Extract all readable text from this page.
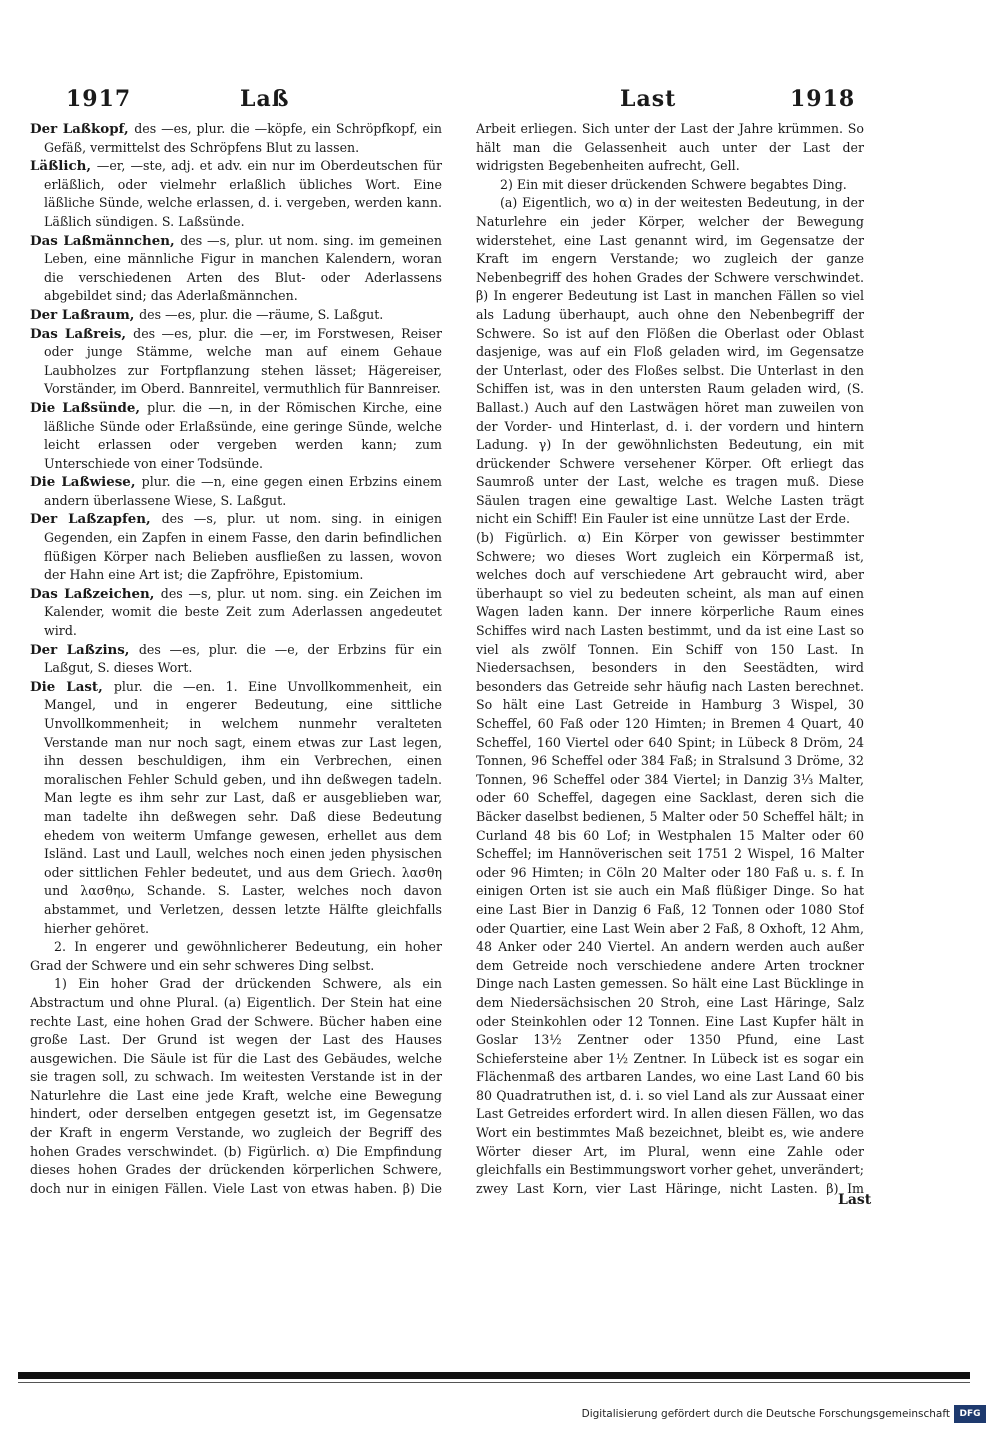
1917	Laß	Last	1918

Der Laßkopf, des —es, plur. die —köpfe, ein Schröpfkopf, ein Gefäß, vermittelst des Schröpfens Blut zu lassen.

Läßlich, —er, —ste, adj. et adv. ein nur im Oberdeutschen für erläßlich, oder vielmehr erlaßlich übliches Wort. Eine läßliche Sünde, welche erlassen, d. i. vergeben, werden kann. Läßlich sündigen. S. Laßsünde.

Das Laßmännchen, des —s, plur. ut nom. sing. im gemeinen Leben, eine männliche Figur in manchen Kalendern, woran die verschiedenen Arten des Blut- oder Aderlassens abgebildet sind; das Aderlaßmännchen.

Der Laßraum, des —es, plur. die —räume, S. Laßgut.

Das Laßreis, des —es, plur. die —er, im Forstwesen, Reiser oder junge Stämme, welche man auf einem Gehaue Laubholzes zur Fortpflanzung stehen lässet; Hägereiser, Vorständer, im Oberd. Bannreitel, vermuthlich für Bannreiser.

Die Laßsünde, plur. die —n, in der Römischen Kirche, eine läßliche Sünde oder Erlaßsünde, eine geringe Sünde, welche leicht erlassen oder vergeben werden kann; zum Unterschiede von einer Todsünde.

Die Laßwiese, plur. die —n, eine gegen einen Erbzins einem andern überlassene Wiese, S. Laßgut.

Der Laßzapfen, des —s, plur. ut nom. sing. in einigen Gegenden, ein Zapfen in einem Fasse, den darin befindlichen flüßigen Körper nach Belieben ausfließen zu lassen, wovon der Hahn eine Art ist; die Zapfröhre, Epistomium.

Das Laßzeichen, des —s, plur. ut nom. sing. ein Zeichen im Kalender, womit die beste Zeit zum Aderlassen angedeutet wird.

Der Laßzins, des —es, plur. die —e, der Erbzins für ein Laßgut, S. dieses Wort.

Die Last, plur. die —en. 1. Eine Unvollkommenheit, ein Mangel, und in engerer Bedeutung, eine sittliche Unvollkommenheit; in welchem nunmehr veralteten Verstande man nur noch sagt, einem etwas zur Last legen, ihn dessen beschuldigen, ihm ein Verbrechen, einen moralischen Fehler Schuld geben, und ihn deßwegen tadeln. Man legte es ihm sehr zur Last, daß er ausgeblieben war, man tadelte ihn deßwegen sehr. Daß diese Bedeutung ehedem von weiterm Umfange gewesen, erhellet aus dem Isländ. Last und Laull, welches noch einen jeden physischen oder sittlichen Fehler bedeutet, und aus dem Griech. λασθη und λασθηω, Schande. S. Laster, welches noch davon abstammet, und Verletzen, dessen letzte Hälfte gleichfalls hierher gehöret.

2. In engerer und gewöhnlicherer Bedeutung, ein hoher Grad der Schwere und ein sehr schweres Ding selbst.

1) Ein hoher Grad der drückenden Schwere, als ein Abstractum und ohne Plural. (a) Eigentlich. Der Stein hat eine rechte Last, eine hohen Grad der Schwere. Bücher haben eine große Last. Der Grund ist wegen der Last des Hauses ausgewichen. Die Säule ist für die Last des Gebäudes, welche sie tragen soll, zu schwach. Im weitesten Verstande ist in der Naturlehre die Last eine jede Kraft, welche eine Bewegung hindert, oder derselben entgegen gesetzt ist, im Gegensatze der Kraft in engerm Verstande, wo zugleich der Begriff des hohen Grades verschwindet. (b) Figürlich. α) Die Empfindung dieses hohen Grades der drückenden körperlichen Schwere, doch nur in einigen Fällen. Viele Last von etwas haben. β) Die

Arbeit erliegen. Sich unter der Last der Jahre krümmen. So hält man die Gelassenheit auch unter der Last der widrigsten Begebenheiten aufrecht, Gell.

2) Ein mit dieser drückenden Schwere begabtes Ding.

(a) Eigentlich, wo α) in der weitesten Bedeutung, in der Naturlehre ein jeder Körper, welcher der Bewegung widerstehet, eine Last genannt wird, im Gegensatze der Kraft im engern Verstande; wo zugleich der ganze Nebenbegriff des hohen Grades der Schwere verschwindet. β) In engerer Bedeutung ist Last in manchen Fällen so viel als Ladung überhaupt, auch ohne den Nebenbegriff der Schwere. So ist auf den Flößen die Oberlast oder Oblast dasjenige, was auf ein Floß geladen wird, im Gegensatze der Unterlast, oder des Floßes selbst. Die Unterlast in den Schiffen ist, was in den untersten Raum geladen wird, (S. Ballast.) Auch auf den Lastwägen höret man zuweilen von der Vorder- und Hinterlast, d. i. der vordern und hintern Ladung. γ) In der gewöhnlichsten Bedeutung, ein mit drückender Schwere versehener Körper. Oft erliegt das Saumroß unter der Last, welche es tragen muß. Diese Säulen tragen eine gewaltige Last. Welche Lasten trägt nicht ein Schiff! Ein Fauler ist eine unnütze Last der Erde.

(b) Figürlich. α) Ein Körper von gewisser bestimmter Schwere; wo dieses Wort zugleich ein Körpermaß ist, welches doch auf verschiedene Art gebraucht wird, aber überhaupt so viel zu bedeuten scheint, als man auf einen Wagen laden kann. Der innere körperliche Raum eines Schiffes wird nach Lasten bestimmt, und da ist eine Last so viel als zwölf Tonnen. Ein Schiff von 150 Last. In Niedersachsen, besonders in den Seestädten, wird besonders das Getreide sehr häufig nach Lasten berechnet. So hält eine Last Getreide in Hamburg 3 Wispel, 30 Scheffel, 60 Faß oder 120 Himten; in Bremen 4 Quart, 40 Scheffel, 160 Viertel oder 640 Spint; in Lübeck 8 Dröm, 24 Tonnen, 96 Scheffel oder 384 Faß; in Stralsund 3 Dröme, 32 Tonnen, 96 Scheffel oder 384 Viertel; in Danzig 3⅓ Malter, oder 60 Scheffel, dagegen eine Sacklast, deren sich die Bäcker daselbst bedienen, 5 Malter oder 50 Scheffel hält; in Curland 48 bis 60 Lof; in Westphalen 15 Malter oder 60 Scheffel; im Hannöverischen seit 1751 2 Wispel, 16 Malter oder 96 Himten; in Cöln 20 Malter oder 180 Faß u. s. f. In einigen Orten ist sie auch ein Maß flüßiger Dinge. So hat eine Last Bier in Danzig 6 Faß, 12 Tonnen oder 1080 Stof oder Quartier, eine Last Wein aber 2 Faß, 8 Oxhoft, 12 Ahm, 48 Anker oder 240 Viertel. An andern werden auch außer dem Getreide noch verschiedene andere Arten trockner Dinge nach Lasten gemessen. So hält eine Last Bücklinge in dem Niedersächsischen 20 Stroh, eine Last Häringe, Salz oder Steinkohlen oder 12 Tonnen. Eine Last Kupfer hält in Goslar 13½ Zentner oder 1350 Pfund, eine Last Schiefersteine aber 1½ Zentner. In Lübeck ist es sogar ein Flächenmaß des artbaren Landes, wo eine Last Land 60 bis 80 Quadratruthen ist, d. i. so viel Land als zur Aussaat einer Last Getreides erfordert wird. In allen diesen Fällen, wo das Wort ein bestimmtes Maß bezeichnet, bleibt es, wie andere Wörter dieser Art, im Plural, wenn eine Zahle oder gleichfalls ein Bestimmungswort vorher gehet, unverändert; zwey Last Korn, vier Last Häringe, nicht Lasten. β) Im

Last
Digitalisierung gefördert durch die Deutsche Forschungsgemeinschaft	DFG
